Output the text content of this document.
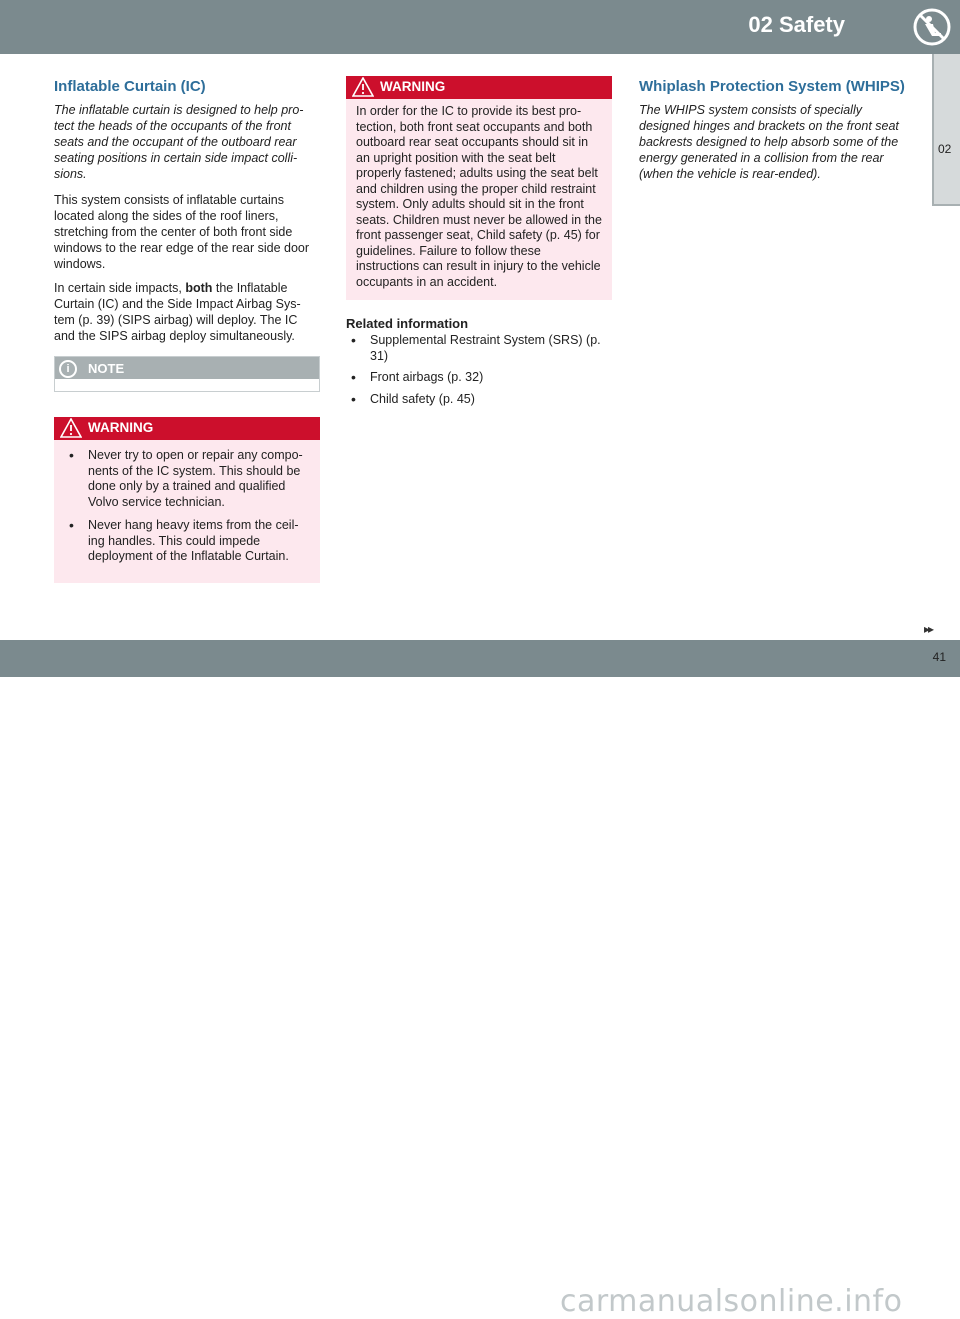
02 Safety
02
Inflatable Curtain (IC)

The inflatable curtain is designed to help pro-tect the heads of the occupants of the front seats and the occupant of the outboard rear seating positions in certain side impact colli-sions.

This system consists of inflatable curtains located along the sides of the roof liners, stretching from the center of both front side windows to the rear edge of the rear side door windows.

In certain side impacts, both the Inflatable Curtain (IC) and the Side Impact Airbag Sys-tem (p. 39) (SIPS airbag) will deploy. The IC and the SIPS airbag deploy simultaneously.

i	NOTE
WARNING
• Never try to open or repair any compo-nents of the IC system. This should be done only by a trained and qualified Volvo service technician.
• Never hang heavy items from the ceil-ing handles. This could impede deployment of the Inflatable Curtain.
WARNING
In order for the IC to provide its best pro-tection, both front seat occupants and both outboard rear seat occupants should sit in an upright position with the seat belt properly fastened; adults using the seat belt and children using the proper child restraint system. Only adults should sit in the front seats. Children must never be allowed in the front passenger seat, Child safety (p. 45) for guidelines. Failure to follow these instructions can result in injury to the vehicle occupants in an accident.
Related information
• Supplemental Restraint System (SRS) (p. 31)
• Front airbags (p. 32)
• Child safety (p. 45)
Whiplash Protection System (WHIPS)

The WHIPS system consists of specially designed hinges and brackets on the front seat backrests designed to help absorb some of the energy generated in a collision from the rear (when the vehicle is rear-ended).

▸▸
carmanualsonline.info
41
